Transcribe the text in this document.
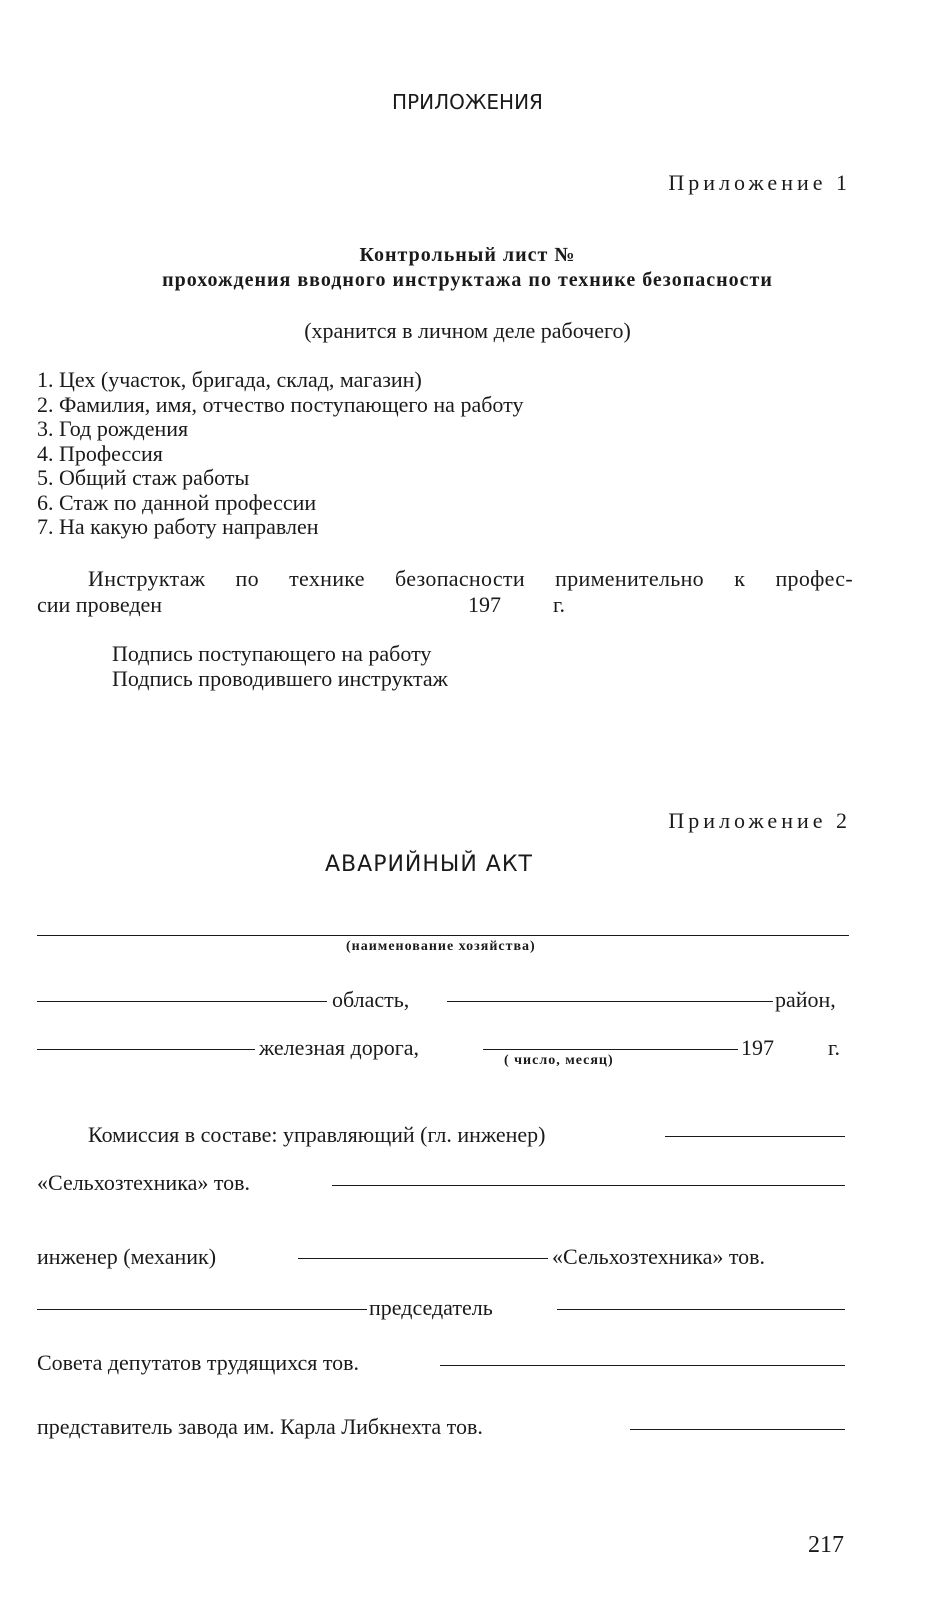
ПРИЛОЖЕНИЯ
Приложение 1
Контрольный лист №
прохождения вводного инструктажа по технике безопасности
(хранится в личном деле рабочего)
1. Цех (участок, бригада, склад, магазин)
2. Фамилия, имя, отчество поступающего на работу
3. Год рождения
4. Профессия
5. Общий стаж работы
6. Стаж по данной профессии
7. На какую работу направлен
Инструктаж по технике безопасности применительно к профес-
сии проведен	197 г.
Подпись поступающего на работу
Подпись проводившего инструктаж
Приложение 2
АВАРИЙНЫЙ АКТ
(наименование хозяйства)
область,	район,
железная дорога,
( число, месяц)
197 г.
Комиссия в составе: управляющий (гл. инженер)
«Сельхозтехника» тов.
инженер (механик)	«Сельхозтехника» тов.
председатель
Совета депутатов трудящихся тов.
представитель завода им. Карла Либкнехта тов.
217
